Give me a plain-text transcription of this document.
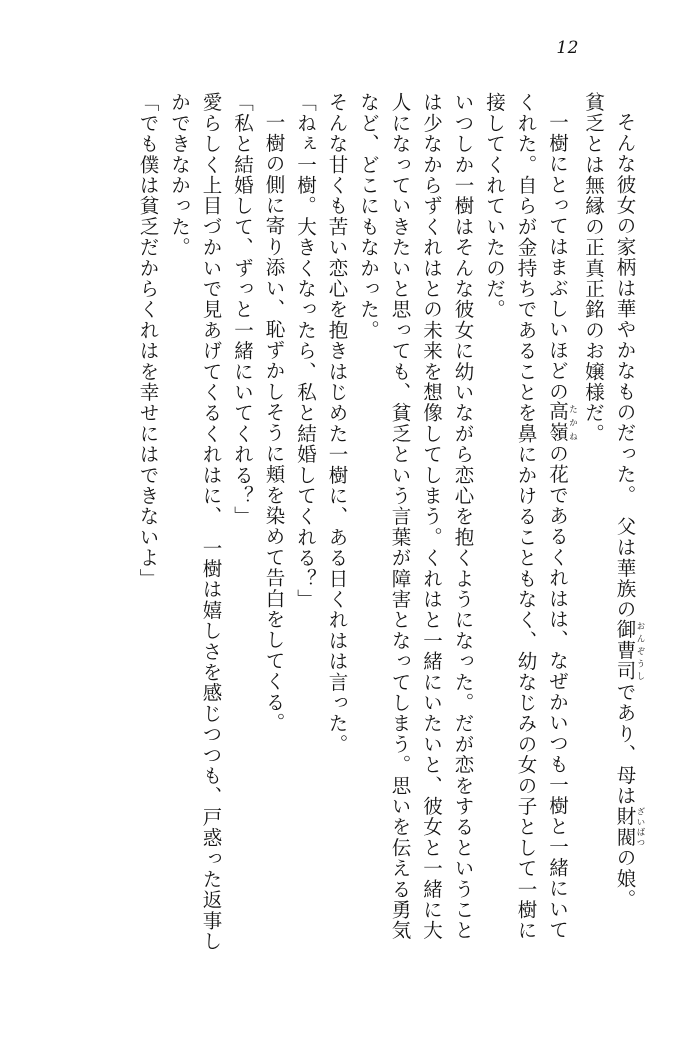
12

そんな彼女の家柄は華やかなものだった。　父は華族の御曹司おんぞうしであり、母は財閥ざいばつの娘。

貧乏とは無縁の正真正銘のお嬢様だ。

一樹にとってはまぶしいほどの高嶺たかねの花であるくれはは、なぜかいつも一樹と一緒にいてくれた。自らが金持ちであることを鼻にかけることもなく、幼なじみの女の子として一樹に接してくれていたのだ。

いつしか一樹はそんな彼女に幼いながら恋心を抱くようになった。だが恋をするということは少なからずくれはとの未来を想像してしまう。くれはと一緒にいたいと、彼女と一緒に大人になっていきたいと思っても、貧乏という言葉が障害となってしまう。思いを伝える勇気など、どこにもなかった。

そんな甘くも苦い恋心を抱きはじめた一樹に、ある日くれはは言った。

「ねぇ一樹。大きくなったら、私と結婚してくれる？」

一樹の側に寄り添い、恥ずかしそうに頬を染めて告白をしてくる。

「私と結婚して、ずっと一緒にいてくれる？」

愛らしく上目づかいで見あげてくるくれはに、　一樹は嬉しさを感じつつも、戸惑った返事しかできなかった。

「でも僕は貧乏だからくれはを幸せにはできないよ」
